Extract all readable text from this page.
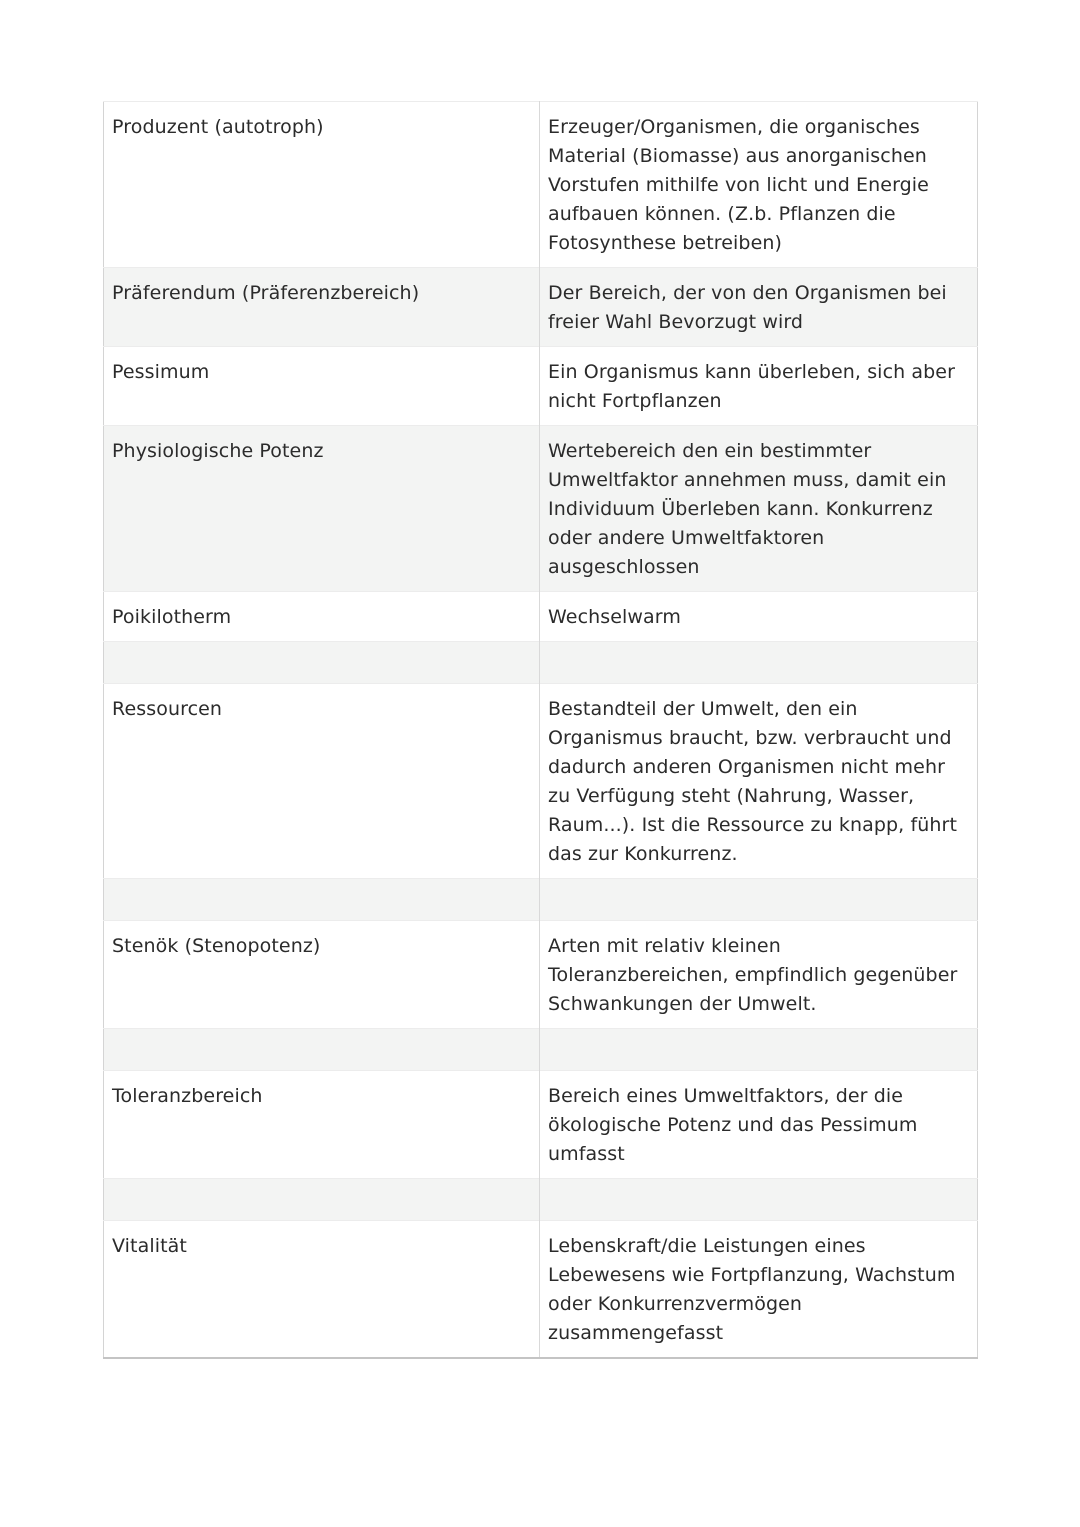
Produzent (autotroph)	Erzeuger/Organismen, die organisches Material (Biomasse) aus anorganischen Vorstufen mithilfe von licht und Energie aufbauen können. (Z.b. Pflanzen die Fotosynthese betreiben)
Präferendum (Präferenzbereich)	Der Bereich, der von den Organismen bei freier Wahl Bevorzugt wird
Pessimum	Ein Organismus kann überleben, sich aber nicht Fortpflanzen
Physiologische Potenz	Wertebereich den ein bestimmter Umweltfaktor annehmen muss, damit ein Individuum Überleben kann. Konkurrenz oder andere Umweltfaktoren ausgeschlossen
Poikilotherm	Wechselwarm

Ressourcen	Bestandteil der Umwelt, den ein Organismus braucht, bzw. verbraucht und dadurch anderen Organismen nicht mehr zu Verfügung steht (Nahrung, Wasser, Raum...). Ist die Ressource zu knapp, führt das zur Konkurrenz.

Stenök (Stenopotenz)	Arten mit relativ kleinen Toleranzbereichen, empfindlich gegenüber Schwankungen der Umwelt.

Toleranzbereich	Bereich eines Umweltfaktors, der die ökologische Potenz und das Pessimum umfasst

Vitalität	Lebenskraft/die Leistungen eines Lebewesens wie Fortpflanzung, Wachstum oder Konkurrenzvermögen zusammengefasst
